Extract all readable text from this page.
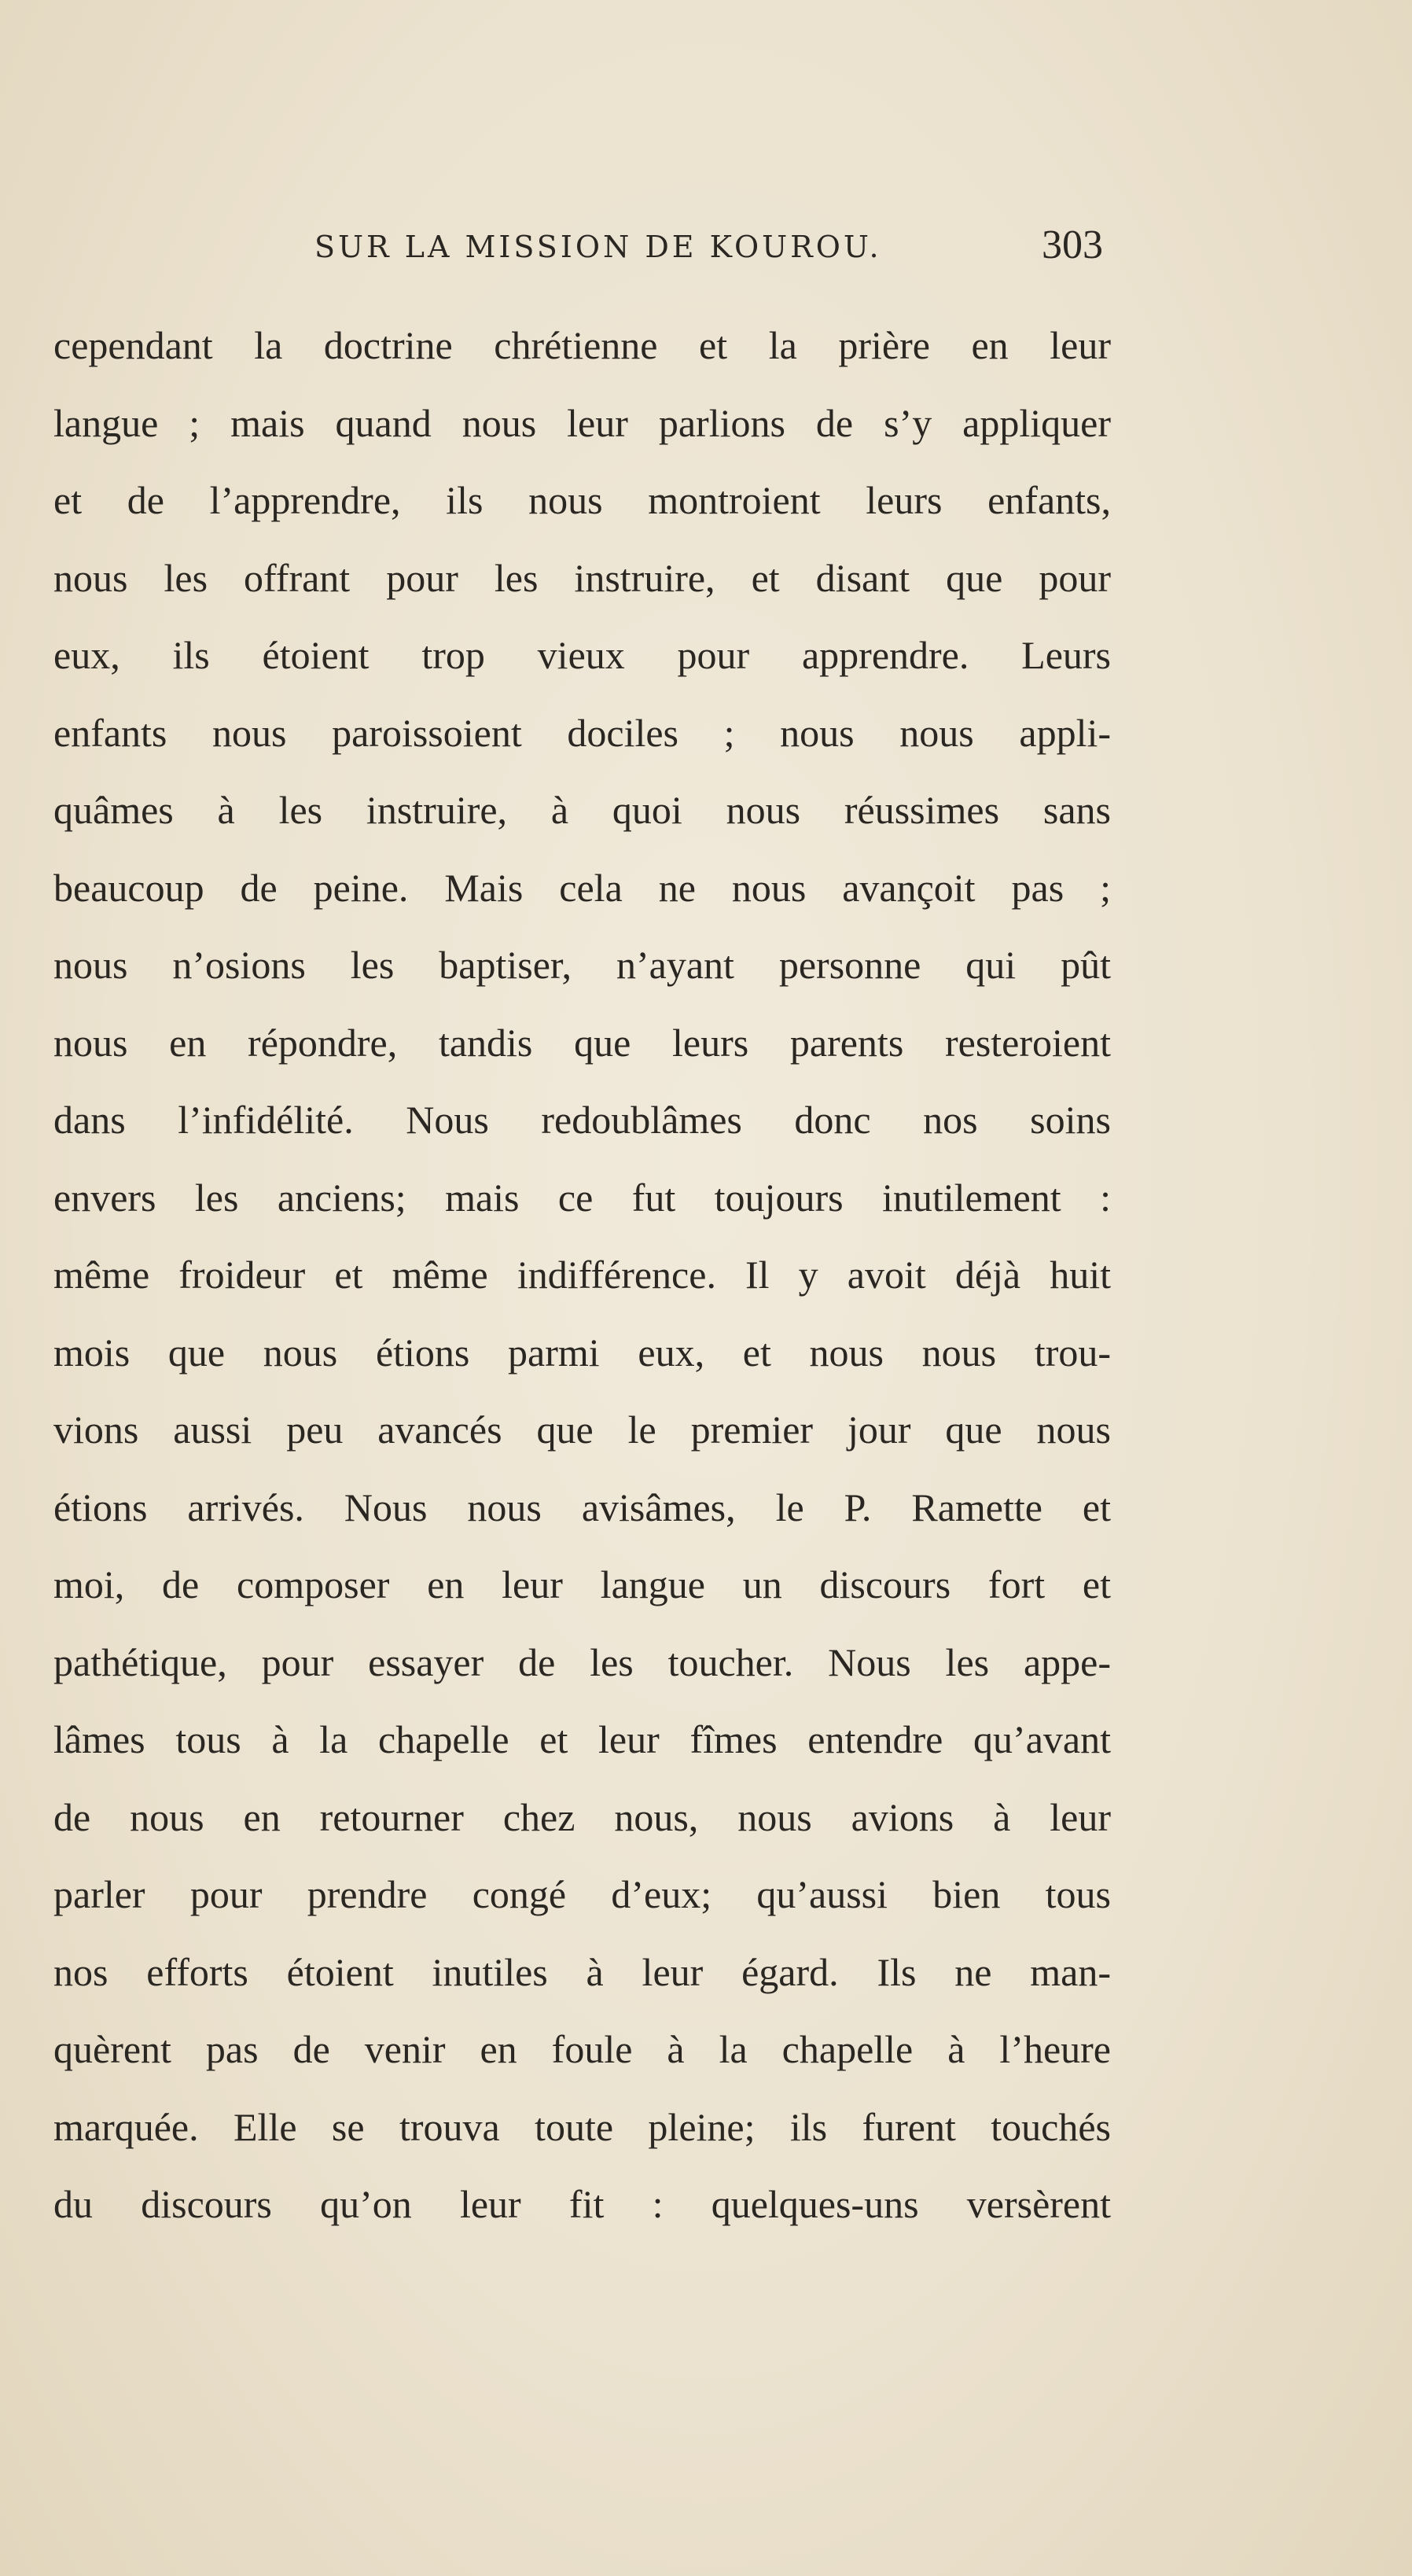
SUR LA MISSION DE KOUROU.	303
cependant la doctrine chrétienne et la prière en leur
langue ; mais quand nous leur parlions de s’y appliquer
et de l’apprendre, ils nous montroient leurs enfants,
nous les offrant pour les instruire, et disant que pour
eux, ils étoient trop vieux pour apprendre. Leurs
enfants nous paroissoient dociles ; nous nous appli-
quâmes à les instruire, à quoi nous réussimes sans
beaucoup de peine. Mais cela ne nous avançoit pas ;
nous n’osions les baptiser, n’ayant personne qui pût
nous en répondre, tandis que leurs parents resteroient
dans l’infidélité. Nous redoublâmes donc nos soins
envers les anciens; mais ce fut toujours inutilement :
même froideur et même indifférence. Il y avoit déjà huit
mois que nous étions parmi eux, et nous nous trou-
vions aussi peu avancés que le premier jour que nous
étions arrivés. Nous nous avisâmes, le P. Ramette et
moi, de composer en leur langue un discours fort et
pathétique, pour essayer de les toucher. Nous les appe-
lâmes tous à la chapelle et leur fîmes entendre qu’avant
de nous en retourner chez nous, nous avions à leur
parler pour prendre congé d’eux; qu’aussi bien tous
nos efforts étoient inutiles à leur égard. Ils ne man-
quèrent pas de venir en foule à la chapelle à l’heure
marquée. Elle se trouva toute pleine; ils furent touchés
du discours qu’on leur fit : quelques-uns versèrent
